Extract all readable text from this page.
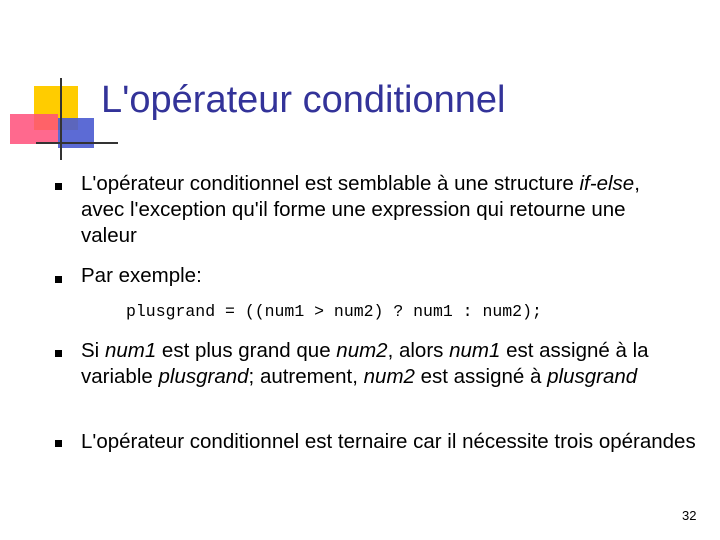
L'opérateur conditionnel
L'opérateur conditionnel est semblable à une structure if-else, avec l'exception qu'il forme une expression qui retourne une valeur
Par exemple:
plusgrand = ((num1 > num2) ? num1 : num2);
Si num1 est plus grand que num2, alors num1 est assigné à la variable plusgrand; autrement, num2 est assigné à plusgrand
L'opérateur conditionnel est ternaire car il nécessite trois opérandes
32
